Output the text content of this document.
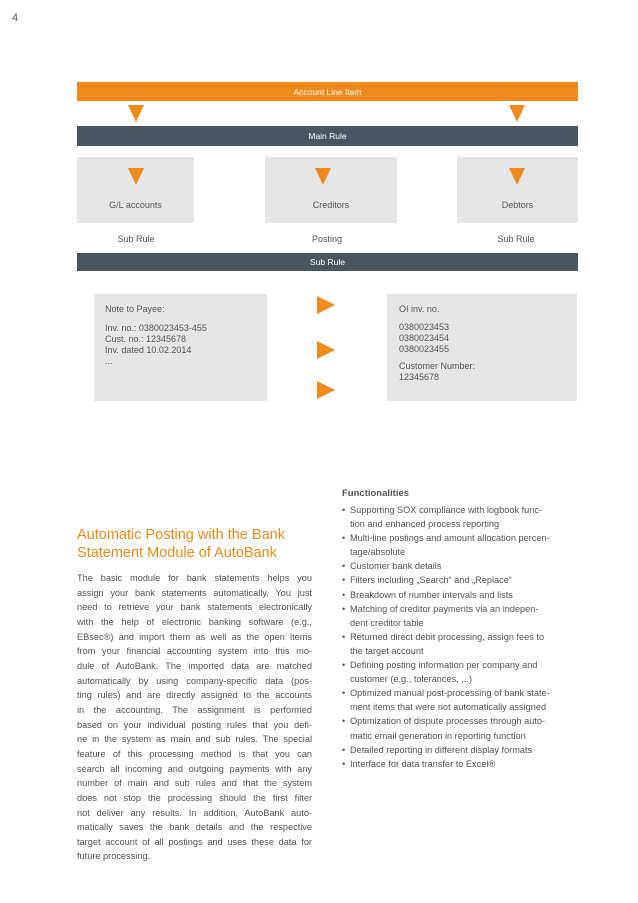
4
Account Line Item
Main Rule
G/L accounts	Creditors	Debtors
Sub Rule	Posting	Sub Rule
Sub Rule
Note to Payee:
Inv. no.: 0380023453-455
Cust. no.: 12345678
Inv. dated 10.02.2014
...
OI inv. no.
0380023453
0380023454
0380023455
Customer Number:
12345678
Automatic Posting with the Bank
Statement Module of AutoBank
The basic module for bank statements helps you
assign your bank statements automatically. You just
need to retrieve your bank statements electronically
with the help of electronic banking software (e.g.,
EBsec®) and import them as well as the open items
from your financial accounting system into this mo-
dule of AutoBank. The imported data are matched
automatically by using company-specific data (pos-
ting rules) and are directly assigned to the accounts
in the accounting. The assignment is performed
based on your individual posting rules that you defi-
ne in the system as main and sub rules. The special
feature of this processing method is that you can
search all incoming and outgoing payments with any
number of main and sub rules and that the system
does not stop the processing should the first filter
not deliver any results. In addition, AutoBank auto-
matically saves the bank details and the respective
target account of all postings and uses these data for
future processing.
Functionalities
• Supporting SOX compliance with logbook func-
tion and enhanced process reporting
• Multi-line postings and amount allocation percen-
tage/absolute
• Customer bank details
• Filters including „Search“ and „Replace“
• Breakdown of number intervals and lists
• Matching of creditor payments via an indepen-
dent creditor table
• Returned direct debit processing, assign fees to
the target account
• Defining posting information per company and
customer (e.g., tolerances, ...)
• Optimized manual post-processing of bank state-
ment items that were not automatically assigned
• Optimization of dispute processes through auto-
matic email generation in reporting function
• Detailed reporting in different display formats
• Interface for data transfer to Excel®
